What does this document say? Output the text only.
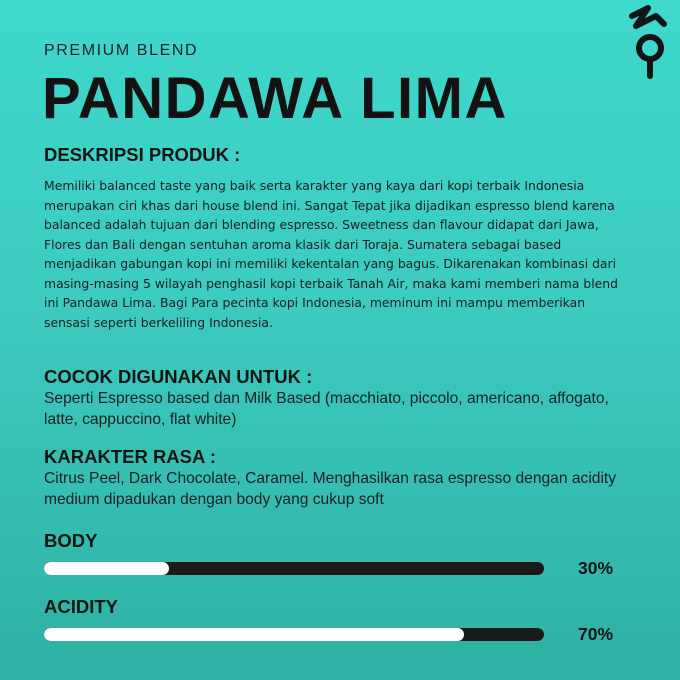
PREMIUM BLEND
PANDAWA LIMA
DESKRIPSI PRODUK :

Memiliki balanced taste yang baik serta karakter yang kaya dari kopi terbaik Indonesia merupakan ciri khas dari house blend ini. Sangat Tepat jika dijadikan espresso blend karena balanced adalah tujuan dari blending espresso. Sweetness dan flavour didapat dari Jawa, Flores dan Bali dengan sentuhan aroma klasik dari Toraja. Sumatera sebagai based menjadikan gabungan kopi ini memiliki kekentalan yang bagus. Dikarenakan kombinasi dari masing-masing 5 wilayah penghasil kopi terbaik Tanah Air, maka kami memberi nama blend ini Pandawa Lima. Bagi Para pecinta kopi Indonesia, meminum ini mampu memberikan sensasi seperti berkeliling Indonesia.

COCOK DIGUNAKAN UNTUK :

Seperti Espresso based dan Milk Based (macchiato, piccolo, americano, affogato, latte, cappuccino, flat white)

KARAKTER RASA :

Citrus Peel, Dark Chocolate, Caramel. Menghasilkan rasa espresso dengan acidity medium dipadukan dengan body yang cukup soft

BODY
30%
ACIDITY
70%
